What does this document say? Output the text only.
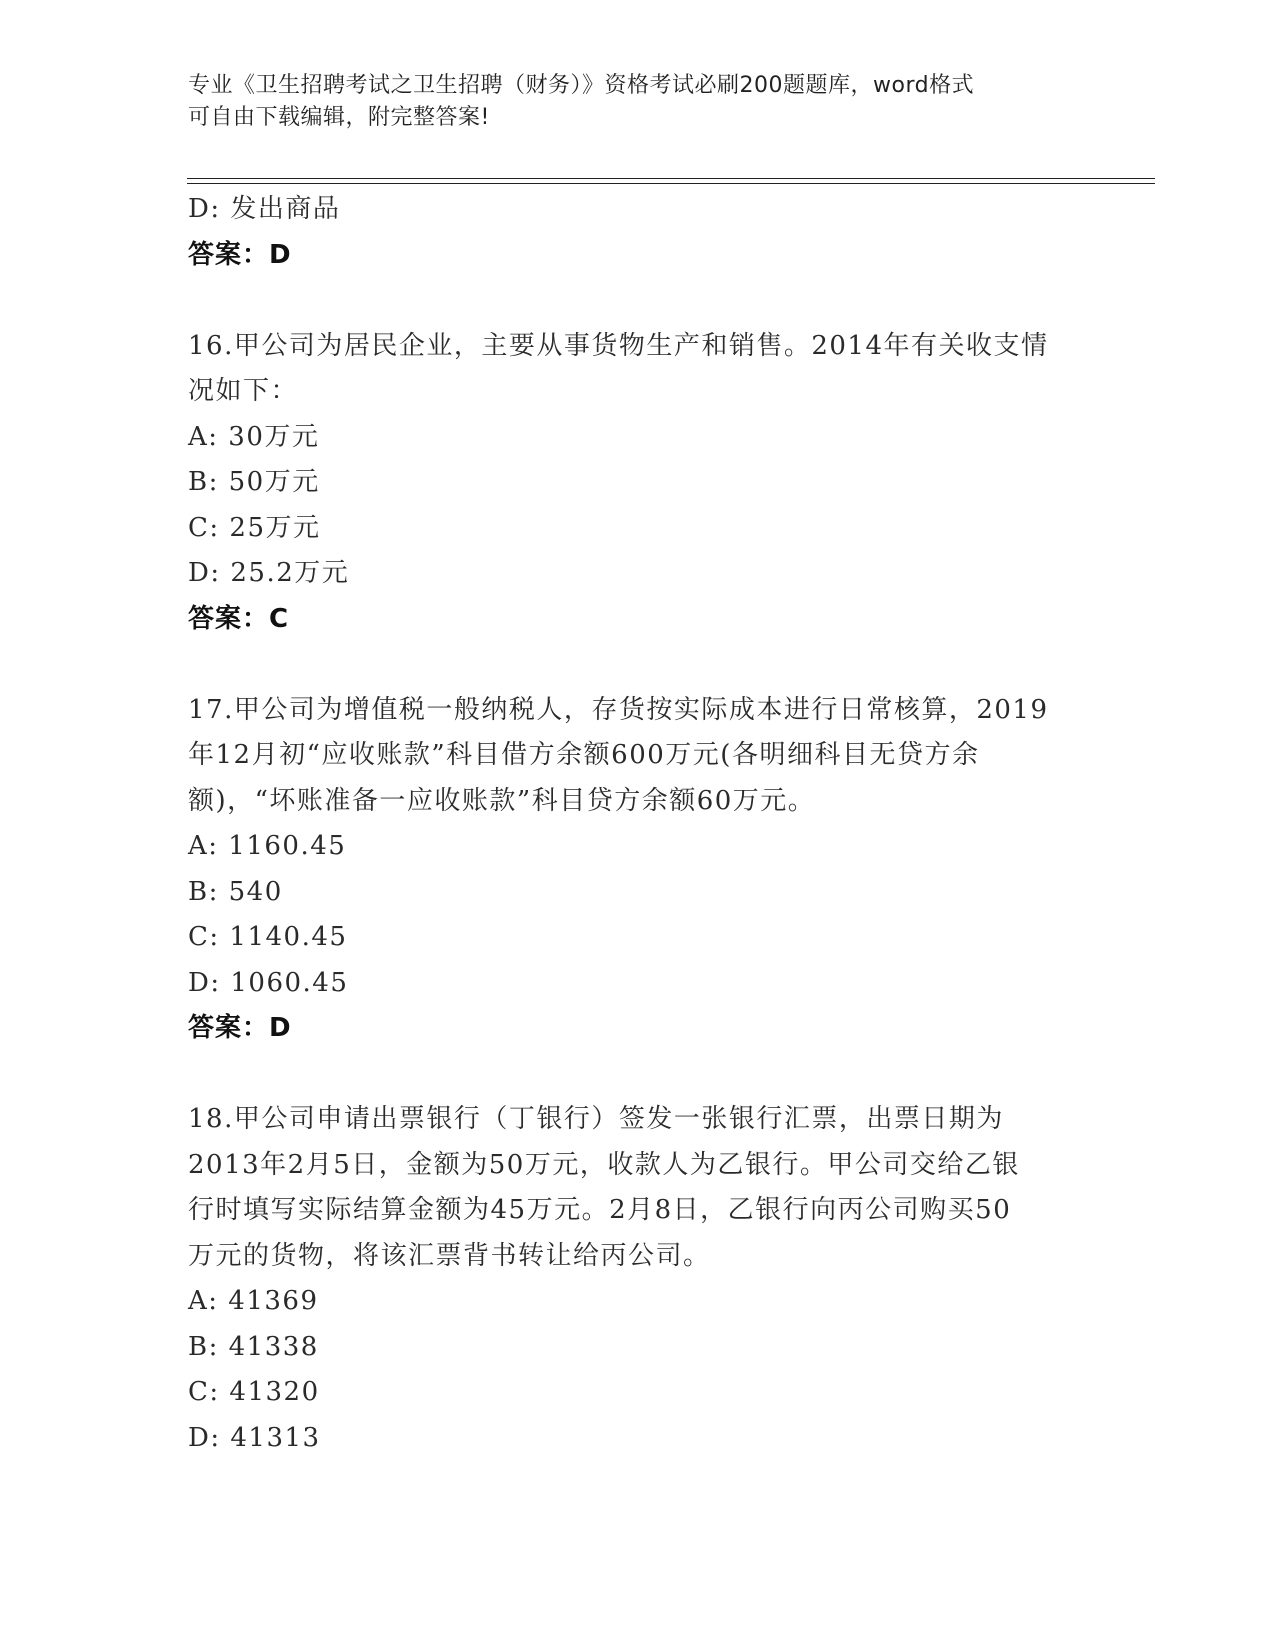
专业《卫生招聘考试之卫生招聘（财务）》资格考试必刷200题题库，word格式
可自由下载编辑，附完整答案!
D: 发出商品
答案：D
16.甲公司为居民企业，主要从事货物生产和销售。2014年有关收支情
况如下：
A: 30万元
B: 50万元
C: 25万元
D: 25.2万元
答案：C
17.甲公司为增值税一般纳税人，存货按实际成本进行日常核算，2019
年12月初“应收账款”科目借方余额600万元(各明细科目无贷方余
额)，“坏账准备一应收账款”科目贷方余额60万元。
A: 1160.45
B: 540
C: 1140.45
D: 1060.45
答案：D
18.甲公司申请出票银行（丁银行）签发一张银行汇票，出票日期为
2013年2月5日，金额为50万元，收款人为乙银行。甲公司交给乙银
行时填写实际结算金额为45万元。2月8日，乙银行向丙公司购买50
万元的货物，将该汇票背书转让给丙公司。
A: 41369
B: 41338
C: 41320
D: 41313
